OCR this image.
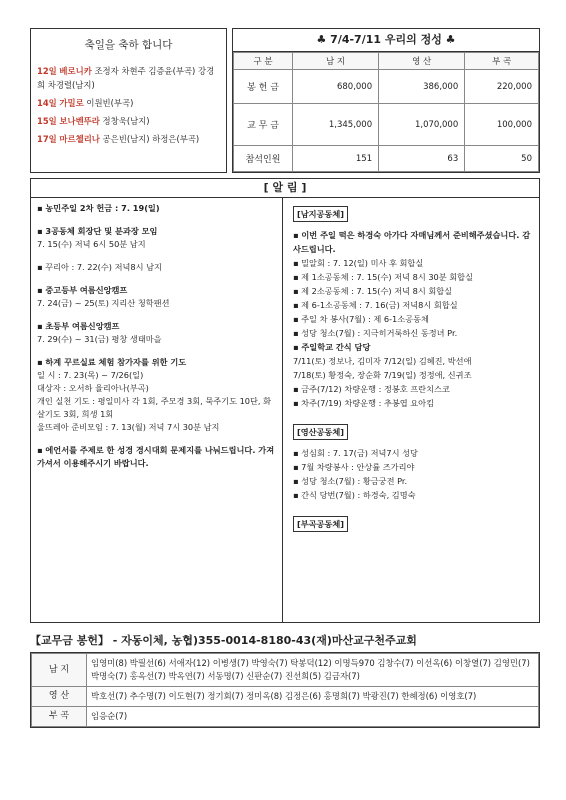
축일을 축하 합니다
12일 베로니카 조정자 차현주 김증윤(부곡) 강경희 차경렬(남지)
14일 가밀로 이원빈(부곡)
15일 보나벤뚜라 정창욱(남지)
17일 마르첼리나 공은빈(남지) 하정은(부곡)
♣ 7/4-7/11 우리의 정성 ♣
구 분	남 지	영 산	부 곡
봉 헌 금	680,000	386,000	220,000
교 무 금	1,345,000	1,070,000	100,000
참석인원	151	63	50
[ 알 림 ]

▪ 농민주일 2차 헌금 : 7. 19(일)

▪ 3공동체 회장단 및 분과장 모임

7. 15(수) 저녁 6시 50분 남지

▪ 꾸리아 : 7. 22(수) 저녁8시 남지

▪ 중고등부 여름신앙캠프

7. 24(금) ~ 25(토) 지리산 청학팬션

▪ 초등부 여름신앙캠프

7. 29(수) ~ 31(금) 평창 생태마을

▪ 하계 꾸르실료 체험 참가자를 위한 기도

일 시 : 7. 23(목) ~ 7/26(일)

대상자 : 오서하 율리아나(부곡)

개인 실천 기도 : 평일미사 각 1회, 주모경 3회, 묵주기도 10단, 화살기도 3회, 희생 1회

울뜨레아 준비모임 : 7. 13(월) 저녁 7시 30분 남지

▪ 에언서를 주제로 한 성경 경시대회 문제지를 나눠드립니다. 가져가셔서 이용해주시기 바랍니다.

[남지공동체]

▪ 이번 주일 떡은 하경숙 아가다 자매님께서 준비해주셨습니다. 감사드립니다.

▪ 밀알회 : 7. 12(일) 미사 후 회합실

▪ 제 1소공동체 : 7. 15(수) 저녁 8시 30분 회합실

▪ 제 2소공동체 : 7. 15(수) 저녁 8시 회합실

▪ 제 6-1소공동체 : 7. 16(금) 저녁8시 회합실

▪ 주일 차 봉사(7월) : 제 6-1소공동체

▪ 성당 청소(7월) : 지극히거룩하신 동정녀 Pr.

▪ 주일학교 간식 담당

7/11(토) 정보나, 김미자 7/12(일) 김혜진, 박선애

7/18(토) 황정숙, 장순화 7/19(일) 정정애, 신귀조

▪ 금주(7/12) 차량운행 : 정봉호 프란치스코

▪ 차주(7/19) 차량운행 : 추봉엽 요아킴

[영산공동체]

▪ 성심회 : 7. 17(금) 저녁7시 성당

▪ 7월 차량봉사 : 안상률 즈가리야

▪ 성당 청소(7월) : 황금궁전 Pr.

▪ 간식 당번(7월) : 하경숙, 김명숙

[부곡공동체]
【교무금 봉헌】 - 자동이체, 농협)355-0014-8180-43(재)마산교구천주교회
남 지	임영미(8) 박필선(6) 서애자(12) 이병생(7) 박영숙(7) 탁봉덕(12) 이명득970 김창수(7) 이선옥(6) 이창열(7) 김영민(7) 박명숙(7) 홍옥선(7) 박옥연(7) 서동명(7) 신판순(7) 진선희(5) 김금자(7)
영 산	박호선(7) 추수명(7) 이도현(7) 정기회(7) 정미옥(8) 김정은(6) 홍명희(7) 박광진(7) 한혜정(6) 이영호(7)
부 곡	임응순(7)
